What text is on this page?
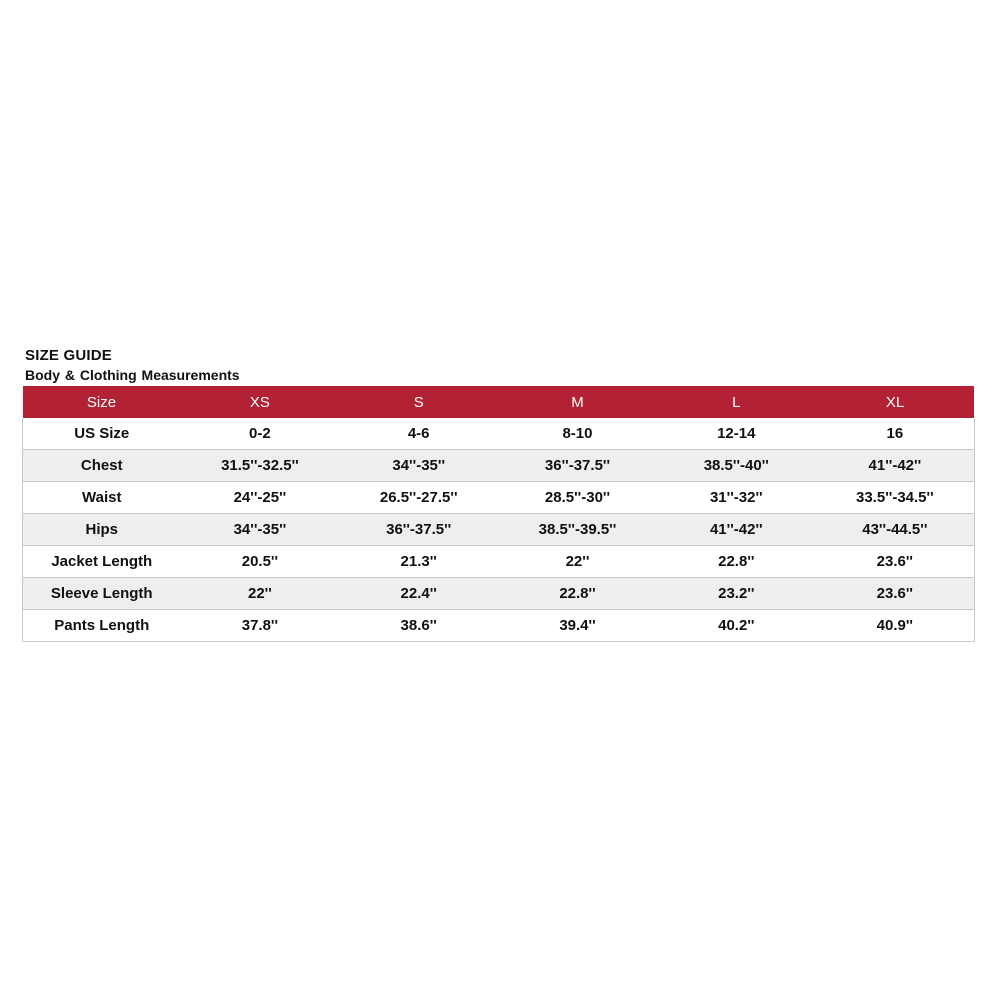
SIZE GUIDE
Body & Clothing Measurements
Size	XS	S	M	L	XL
US Size	0-2	4-6	8-10	12-14	16
Chest	31.5''-32.5''	34''-35''	36''-37.5''	38.5''-40''	41''-42''
Waist	24''-25''	26.5''-27.5''	28.5''-30''	31''-32''	33.5''-34.5''
Hips	34''-35''	36''-37.5''	38.5''-39.5''	41''-42''	43''-44.5''
Jacket Length	20.5''	21.3''	22''	22.8''	23.6''
Sleeve Length	22''	22.4''	22.8''	23.2''	23.6''
Pants Length	37.8''	38.6''	39.4''	40.2''	40.9''
